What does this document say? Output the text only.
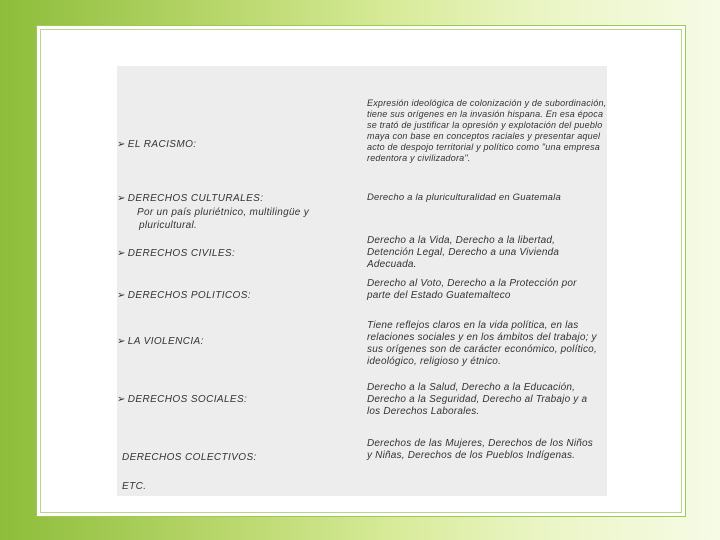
➢ EL RACISMO:
➢ DERECHOS CULTURALES:
Por un país pluriétnico, multilingüe y
pluricultural.
➢ DERECHOS CIVILES:
➢ DERECHOS POLITICOS:
➢ LA VIOLENCIA:
➢ DERECHOS SOCIALES:
DERECHOS COLECTIVOS:
ETC.
Expresión ideológica de colonización y de subordinación, tiene sus orígenes en la invasión hispana. En esa época se trató de justificar la opresión y explotación del pueblo maya con base en conceptos raciales y presentar aquel acto de despojo territorial y político como "una empresa redentora y civilizadora".
Derecho a la pluriculturalidad en Guatemala
Derecho a la Vida, Derecho a la libertad, Detención Legal, Derecho a una Vivienda Adecuada.
Derecho al Voto, Derecho a la Protección por parte del Estado Guatemalteco
Tiene reflejos claros en la vida política, en las relaciones sociales y en los ámbitos del trabajo; y sus orígenes son de carácter económico, político, ideológico, religioso y étnico.
Derecho a la Salud, Derecho a la Educación, Derecho a la Seguridad, Derecho al Trabajo y a los Derechos Laborales.
Derechos de las Mujeres, Derechos de los Niños y Niñas, Derechos de los Pueblos Indígenas.
